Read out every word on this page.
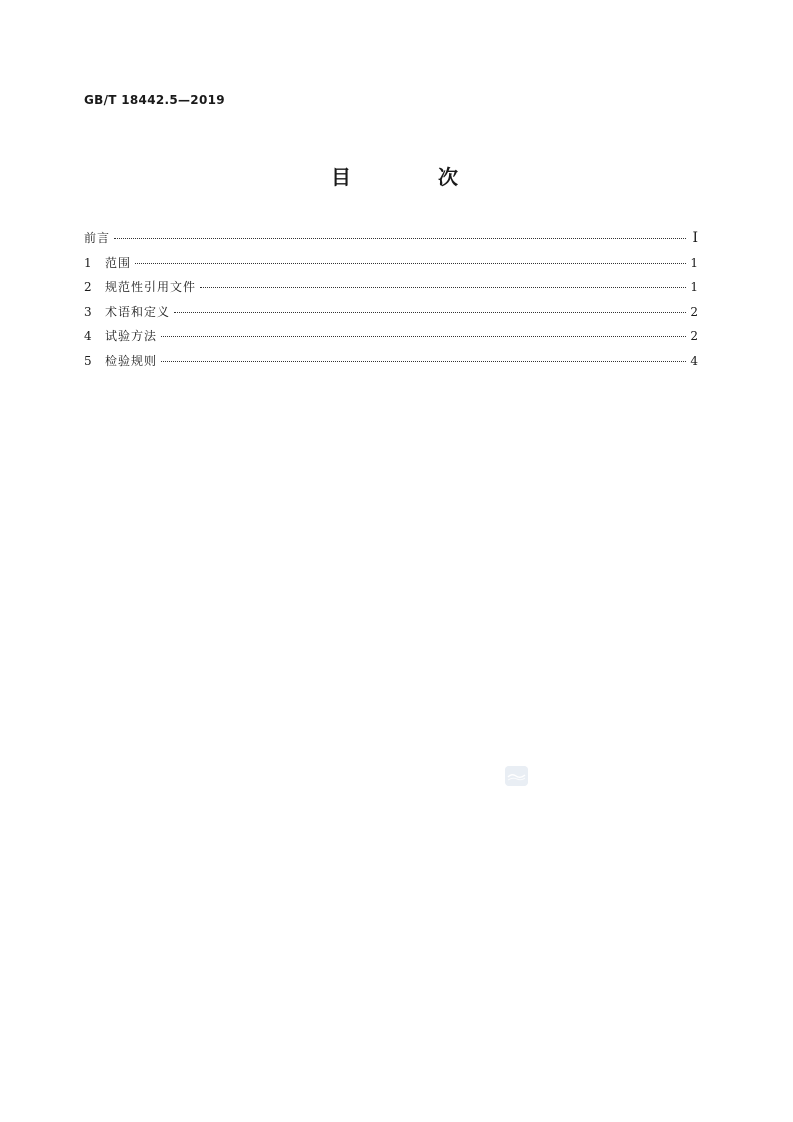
GB/T 18442.5—2019
目 次
前言	I
1	范围	1
2	规范性引用文件	1
3	术语和定义	2
4	试验方法	2
5	检验规则	4
